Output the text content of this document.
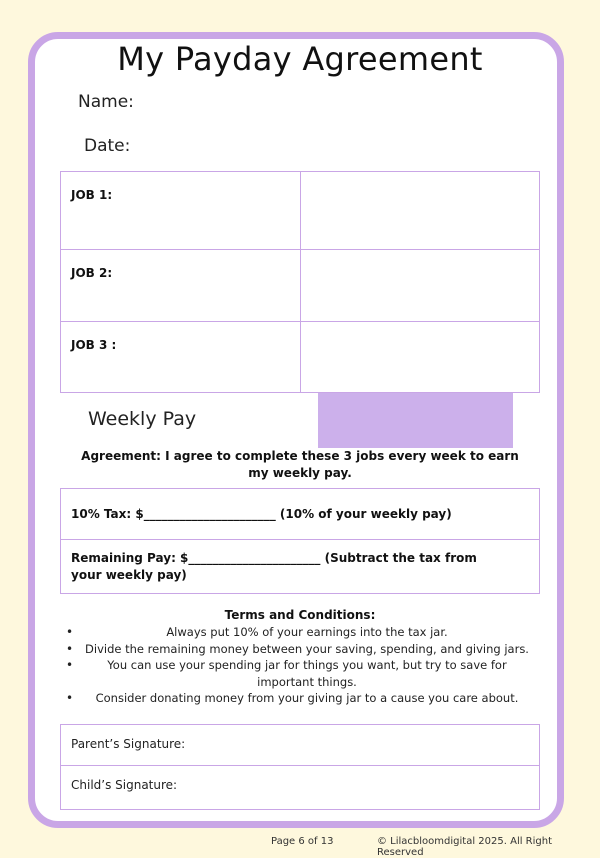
My Payday Agreement
Name:
Date:
JOB 1:
JOB 2:
JOB 3 :
Weekly Pay
Agreement: I agree to complete these 3 jobs every week to earn my weekly pay.
10% Tax: $______________________ (10% of your weekly pay)
Remaining Pay: $______________________ (Subtract the tax from your weekly pay)
Terms and Conditions:
•	Always put 10% of your earnings into the tax jar.
• Divide the remaining money between your saving, spending, and giving jars.
•	You can use your spending jar for things you want, but try to save for important things.
• Consider donating money from your giving jar to a cause you care about.
Parent’s Signature:
Child’s Signature:
Page 6 of 13	© Lilacbloomdigital 2025. All Right Reserved
